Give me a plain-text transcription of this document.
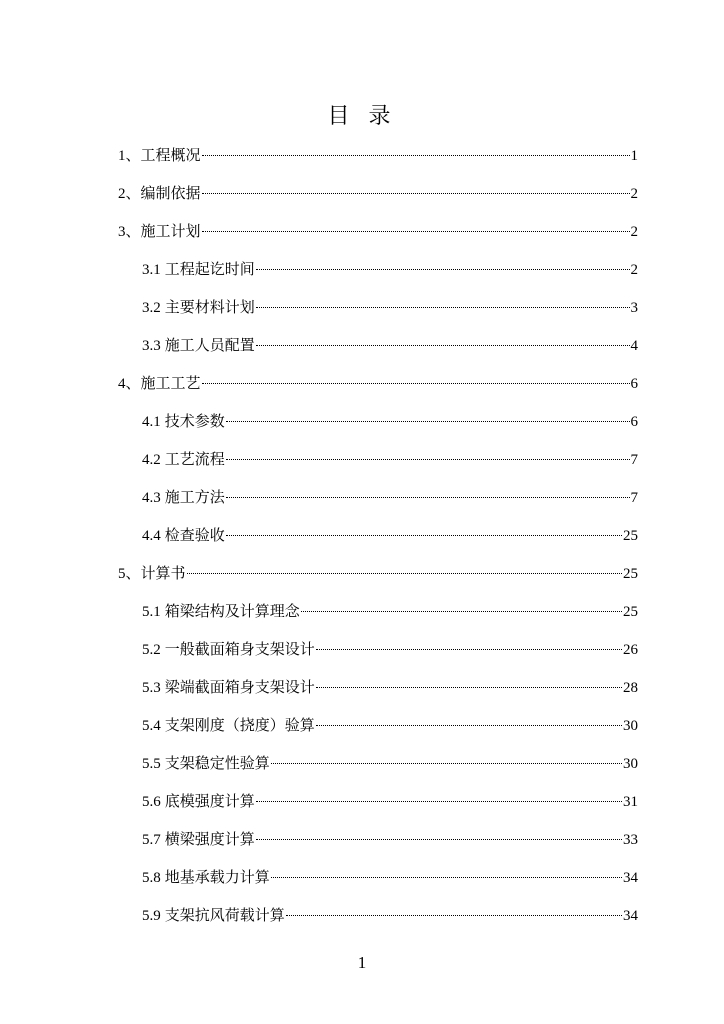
目 录
1 、	工程概况	1
2 、	编制依据	2
3 、	施工计划	2
3.1 工程起讫时间	2
3.2 主要材料计划	3
3.3 施工人员配置	4
4 、	施工工艺	6
4.1 技术参数	6
4.2 工艺流程	7
4.3 施工方法	7
4.4 检查验收	25
5 、	计算书	25
5.1 箱梁结构及计算理念	25
5.2 一般截面箱身支架设计	26
5.3 梁端截面箱身支架设计	28
5.4 支架刚度（挠度）验算	30
5.5 支架稳定性验算	30
5.6 底模强度计算	31
5.7 横梁强度计算	33
5.8 地基承载力计算	34
5.9 支架抗风荷载计算	34
1
